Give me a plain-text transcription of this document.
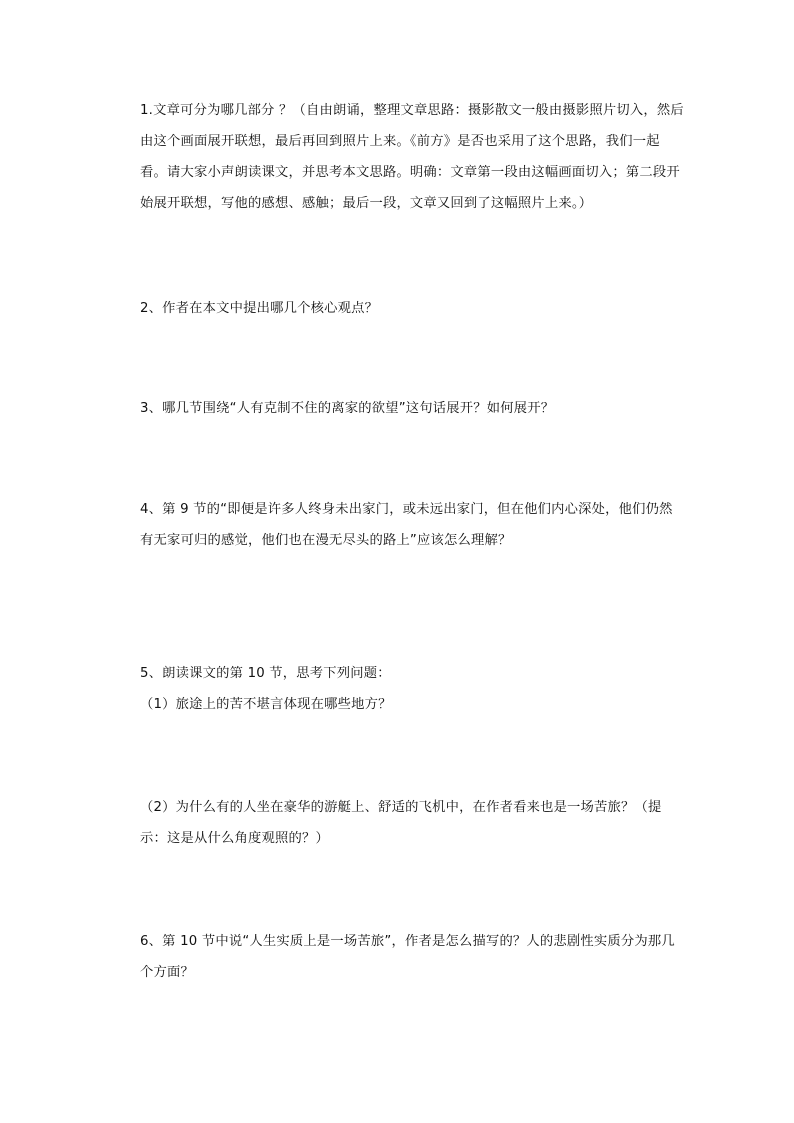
1.文章可分为哪几部分 ？（自由朗诵，整理文章思路：摄影散文一般由摄影照片切入，然后由这个画面展开联想，最后再回到照片上来。《前方》是否也采用了这个思路，我们一起看。请大家小声朗读课文，并思考本文思路。明确：文章第一段由这幅画面切入；第二段开始展开联想，写他的感想、感触；最后一段，文章又回到了这幅照片上来。）

2、作者在本文中提出哪几个核心观点？

3、哪几节围绕“人有克制不住的离家的欲望”这句话展开？如何展开？

4、第 9 节的“即便是许多人终身未出家门，或未远出家门，但在他们内心深处，他们仍然有无家可归的感觉，他们也在漫无尽头的路上”应该怎么理解？

5、朗读课文的第 10 节，思考下列问题：

（1）旅途上的苦不堪言体现在哪些地方？

（2）为什么有的人坐在豪华的游艇上、舒适的飞机中，在作者看来也是一场苦旅？（提示：这是从什么角度观照的？）

6、第 10 节中说“人生实质上是一场苦旅”，作者是怎么描写的？人的悲剧性实质分为那几个方面？
